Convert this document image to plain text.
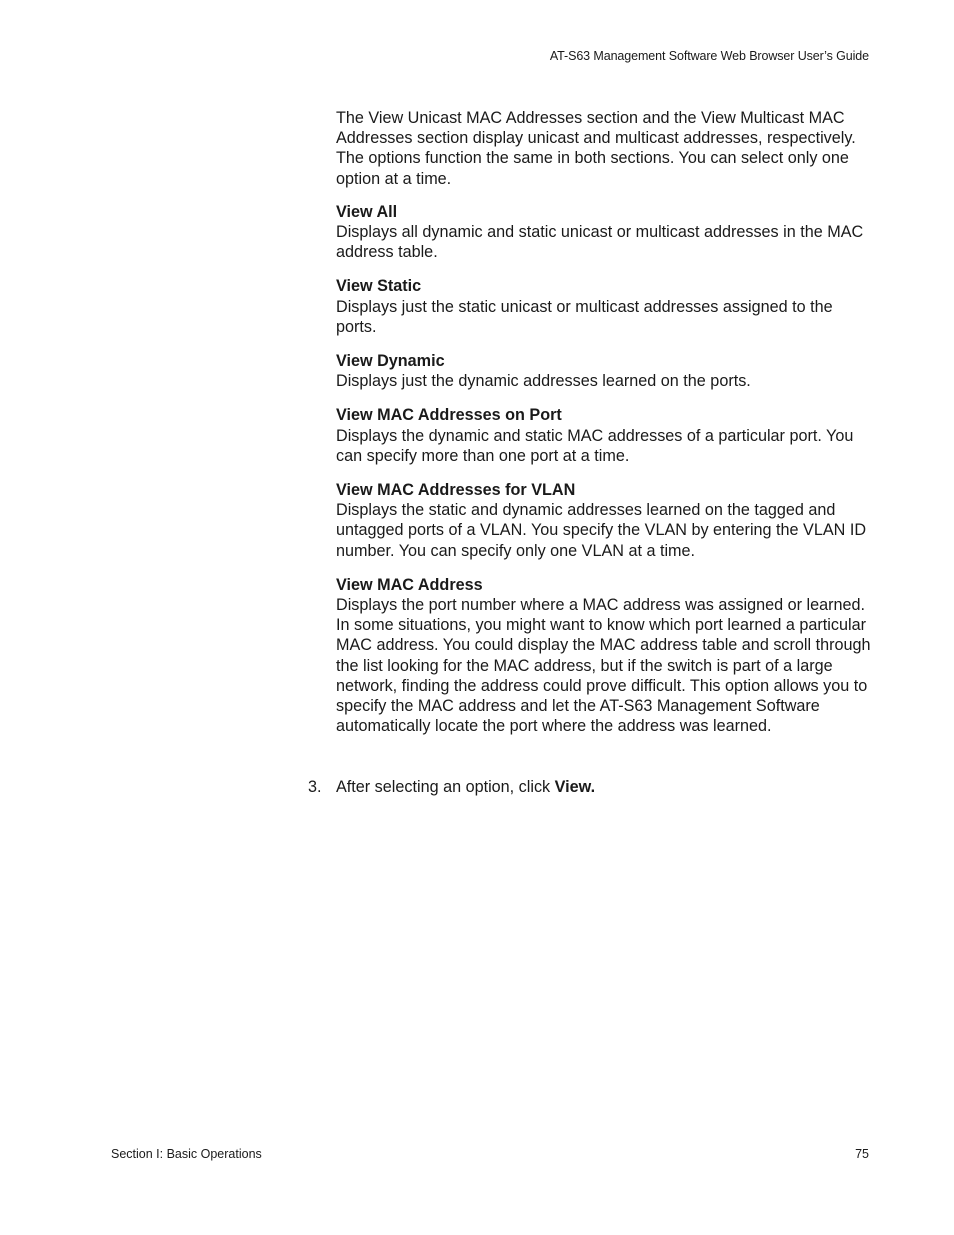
AT-S63 Management Software Web Browser User’s Guide

The View Unicast MAC Addresses section and the View Multicast MAC Addresses section display unicast and multicast addresses, respectively. The options function the same in both sections. You can select only one option at a time.

View All

Displays all dynamic and static unicast or multicast addresses in the MAC address table.

View Static

Displays just the static unicast or multicast addresses assigned to the ports.

View Dynamic

Displays just the dynamic addresses learned on the ports.

View MAC Addresses on Port

Displays the dynamic and static MAC addresses of a particular port. You can specify more than one port at a time.

View MAC Addresses for VLAN

Displays the static and dynamic addresses learned on the tagged and untagged ports of a VLAN. You specify the VLAN by entering the VLAN ID number. You can specify only one VLAN at a time.

View MAC Address

Displays the port number where a MAC address was assigned or learned. In some situations, you might want to know which port learned a particular MAC address. You could display the MAC address table and scroll through the list looking for the MAC address, but if the switch is part of a large network, finding the address could prove difficult. This option allows you to specify the MAC address and let the AT-S63 Management Software automatically locate the port where the address was learned.

3. After selecting an option, click View.
Section I: Basic Operations	75
